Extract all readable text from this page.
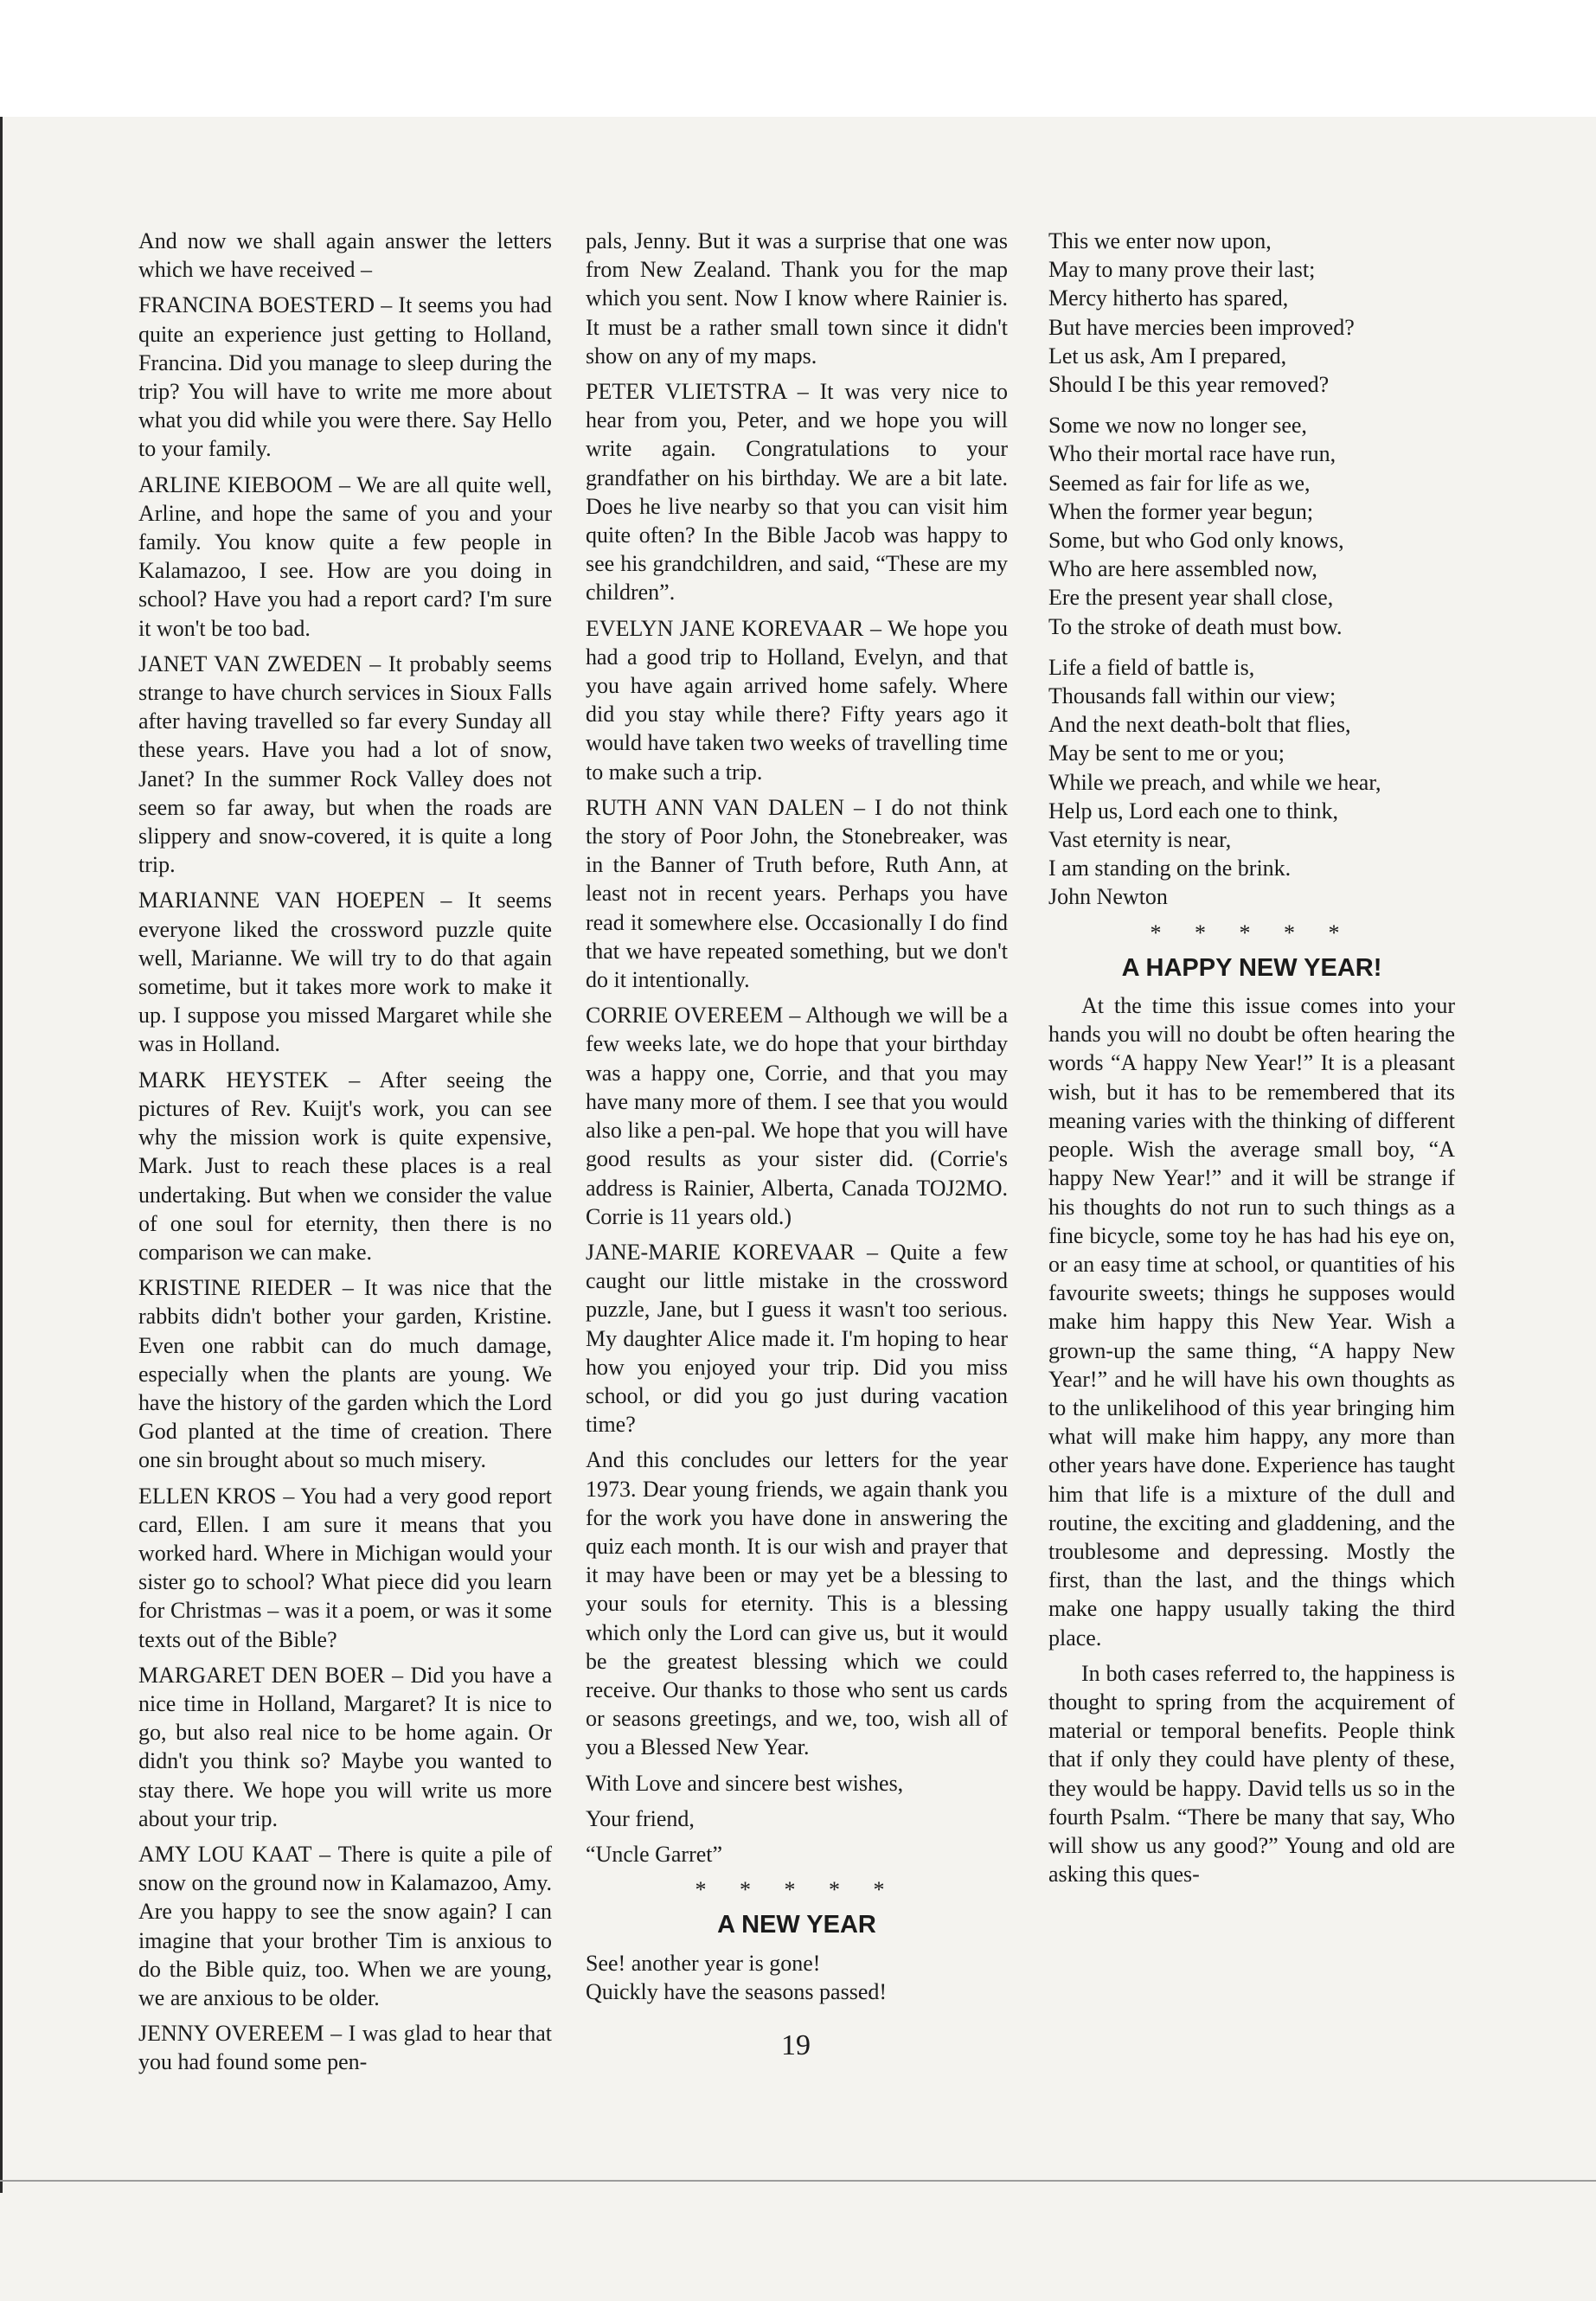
And now we shall again answer the letters which we have received –

FRANCINA BOESTERD – It seems you had quite an experience just getting to Holland, Francina. Did you manage to sleep during the trip? You will have to write me more about what you did while you were there. Say Hello to your family.

ARLINE KIEBOOM – We are all quite well, Arline, and hope the same of you and your family. You know quite a few people in Kalamazoo, I see. How are you doing in school? Have you had a report card? I'm sure it won't be too bad.

JANET VAN ZWEDEN – It probably seems strange to have church services in Sioux Falls after having travelled so far every Sunday all these years. Have you had a lot of snow, Janet? In the summer Rock Valley does not seem so far away, but when the roads are slippery and snow-covered, it is quite a long trip.

MARIANNE VAN HOEPEN – It seems everyone liked the crossword puzzle quite well, Marianne. We will try to do that again sometime, but it takes more work to make it up. I suppose you missed Margaret while she was in Holland.

MARK HEYSTEK – After seeing the pictures of Rev. Kuijt's work, you can see why the mission work is quite expensive, Mark. Just to reach these places is a real undertaking. But when we consider the value of one soul for eternity, then there is no comparison we can make.

KRISTINE RIEDER – It was nice that the rabbits didn't bother your garden, Kristine. Even one rabbit can do much damage, especially when the plants are young. We have the history of the garden which the Lord God planted at the time of creation. There one sin brought about so much misery.

ELLEN KROS – You had a very good report card, Ellen. I am sure it means that you worked hard. Where in Michigan would your sister go to school? What piece did you learn for Christmas – was it a poem, or was it some texts out of the Bible?

MARGARET DEN BOER – Did you have a nice time in Holland, Margaret? It is nice to go, but also real nice to be home again. Or didn't you think so? Maybe you wanted to stay there. We hope you will write us more about your trip.

AMY LOU KAAT – There is quite a pile of snow on the ground now in Kalamazoo, Amy. Are you happy to see the snow again? I can imagine that your brother Tim is anxious to do the Bible quiz, too. When we are young, we are anxious to be older.

JENNY OVEREEM – I was glad to hear that you had found some pen-

pals, Jenny. But it was a surprise that one was from New Zealand. Thank you for the map which you sent. Now I know where Rainier is. It must be a rather small town since it didn't show on any of my maps.

PETER VLIETSTRA – It was very nice to hear from you, Peter, and we hope you will write again. Congratulations to your grandfather on his birthday. We are a bit late. Does he live nearby so that you can visit him quite often? In the Bible Jacob was happy to see his grandchildren, and said, “These are my children”.

EVELYN JANE KOREVAAR – We hope you had a good trip to Holland, Evelyn, and that you have again arrived home safely. Where did you stay while there? Fifty years ago it would have taken two weeks of travelling time to make such a trip.

RUTH ANN VAN DALEN – I do not think the story of Poor John, the Stonebreaker, was in the Banner of Truth before, Ruth Ann, at least not in recent years. Perhaps you have read it somewhere else. Occasionally I do find that we have repeated something, but we don't do it intentionally.

CORRIE OVEREEM – Although we will be a few weeks late, we do hope that your birthday was a happy one, Corrie, and that you may have many more of them. I see that you would also like a pen-pal. We hope that you will have good results as your sister did. (Corrie's address is Rainier, Alberta, Canada TOJ2MO. Corrie is 11 years old.)

JANE-MARIE KOREVAAR – Quite a few caught our little mistake in the crossword puzzle, Jane, but I guess it wasn't too serious. My daughter Alice made it. I'm hoping to hear how you enjoyed your trip. Did you miss school, or did you go just during vacation time?

And this concludes our letters for the year 1973. Dear young friends, we again thank you for the work you have done in answering the quiz each month. It is our wish and prayer that it may have been or may yet be a blessing to your souls for eternity. This is a blessing which only the Lord can give us, but it would be the greatest blessing which we could receive. Our thanks to those who sent us cards or seasons greetings, and we, too, wish all of you a Blessed New Year.

With Love and sincere best wishes,

Your friend,

“Uncle Garret”

* * * * *
A NEW YEAR

See! another year is gone!

Quickly have the seasons passed!

This we enter now upon,

May to many prove their last;

Mercy hitherto has spared,

But have mercies been improved?

Let us ask, Am I prepared,

Should I be this year removed?

Some we now no longer see,

Who their mortal race have run,

Seemed as fair for life as we,

When the former year begun;

Some, but who God only knows,

Who are here assembled now,

Ere the present year shall close,

To the stroke of death must bow.

Life a field of battle is,

Thousands fall within our view;

And the next death-bolt that flies,

May be sent to me or you;

While we preach, and while we hear,

Help us, Lord each one to think,

Vast eternity is near,

I am standing on the brink.

John Newton

* * * * *
A HAPPY NEW YEAR!

At the time this issue comes into your hands you will no doubt be often hearing the words “A happy New Year!” It is a pleasant wish, but it has to be remembered that its meaning varies with the thinking of different people. Wish the average small boy, “A happy New Year!” and it will be strange if his thoughts do not run to such things as a fine bicycle, some toy he has had his eye on, or an easy time at school, or quantities of his favourite sweets; things he supposes would make him happy this New Year. Wish a grown-up the same thing, “A happy New Year!” and he will have his own thoughts as to the unlikelihood of this year bringing him what will make him happy, any more than other years have done. Experience has taught him that life is a mixture of the dull and routine, the exciting and gladdening, and the troublesome and depressing. Mostly the first, than the last, and the things which make one happy usually taking the third place.

In both cases referred to, the happiness is thought to spring from the acquirement of material or temporal benefits. People think that if only they could have plenty of these, they would be happy. David tells us so in the fourth Psalm. “There be many that say, Who will show us any good?” Young and old are asking this ques-

19
